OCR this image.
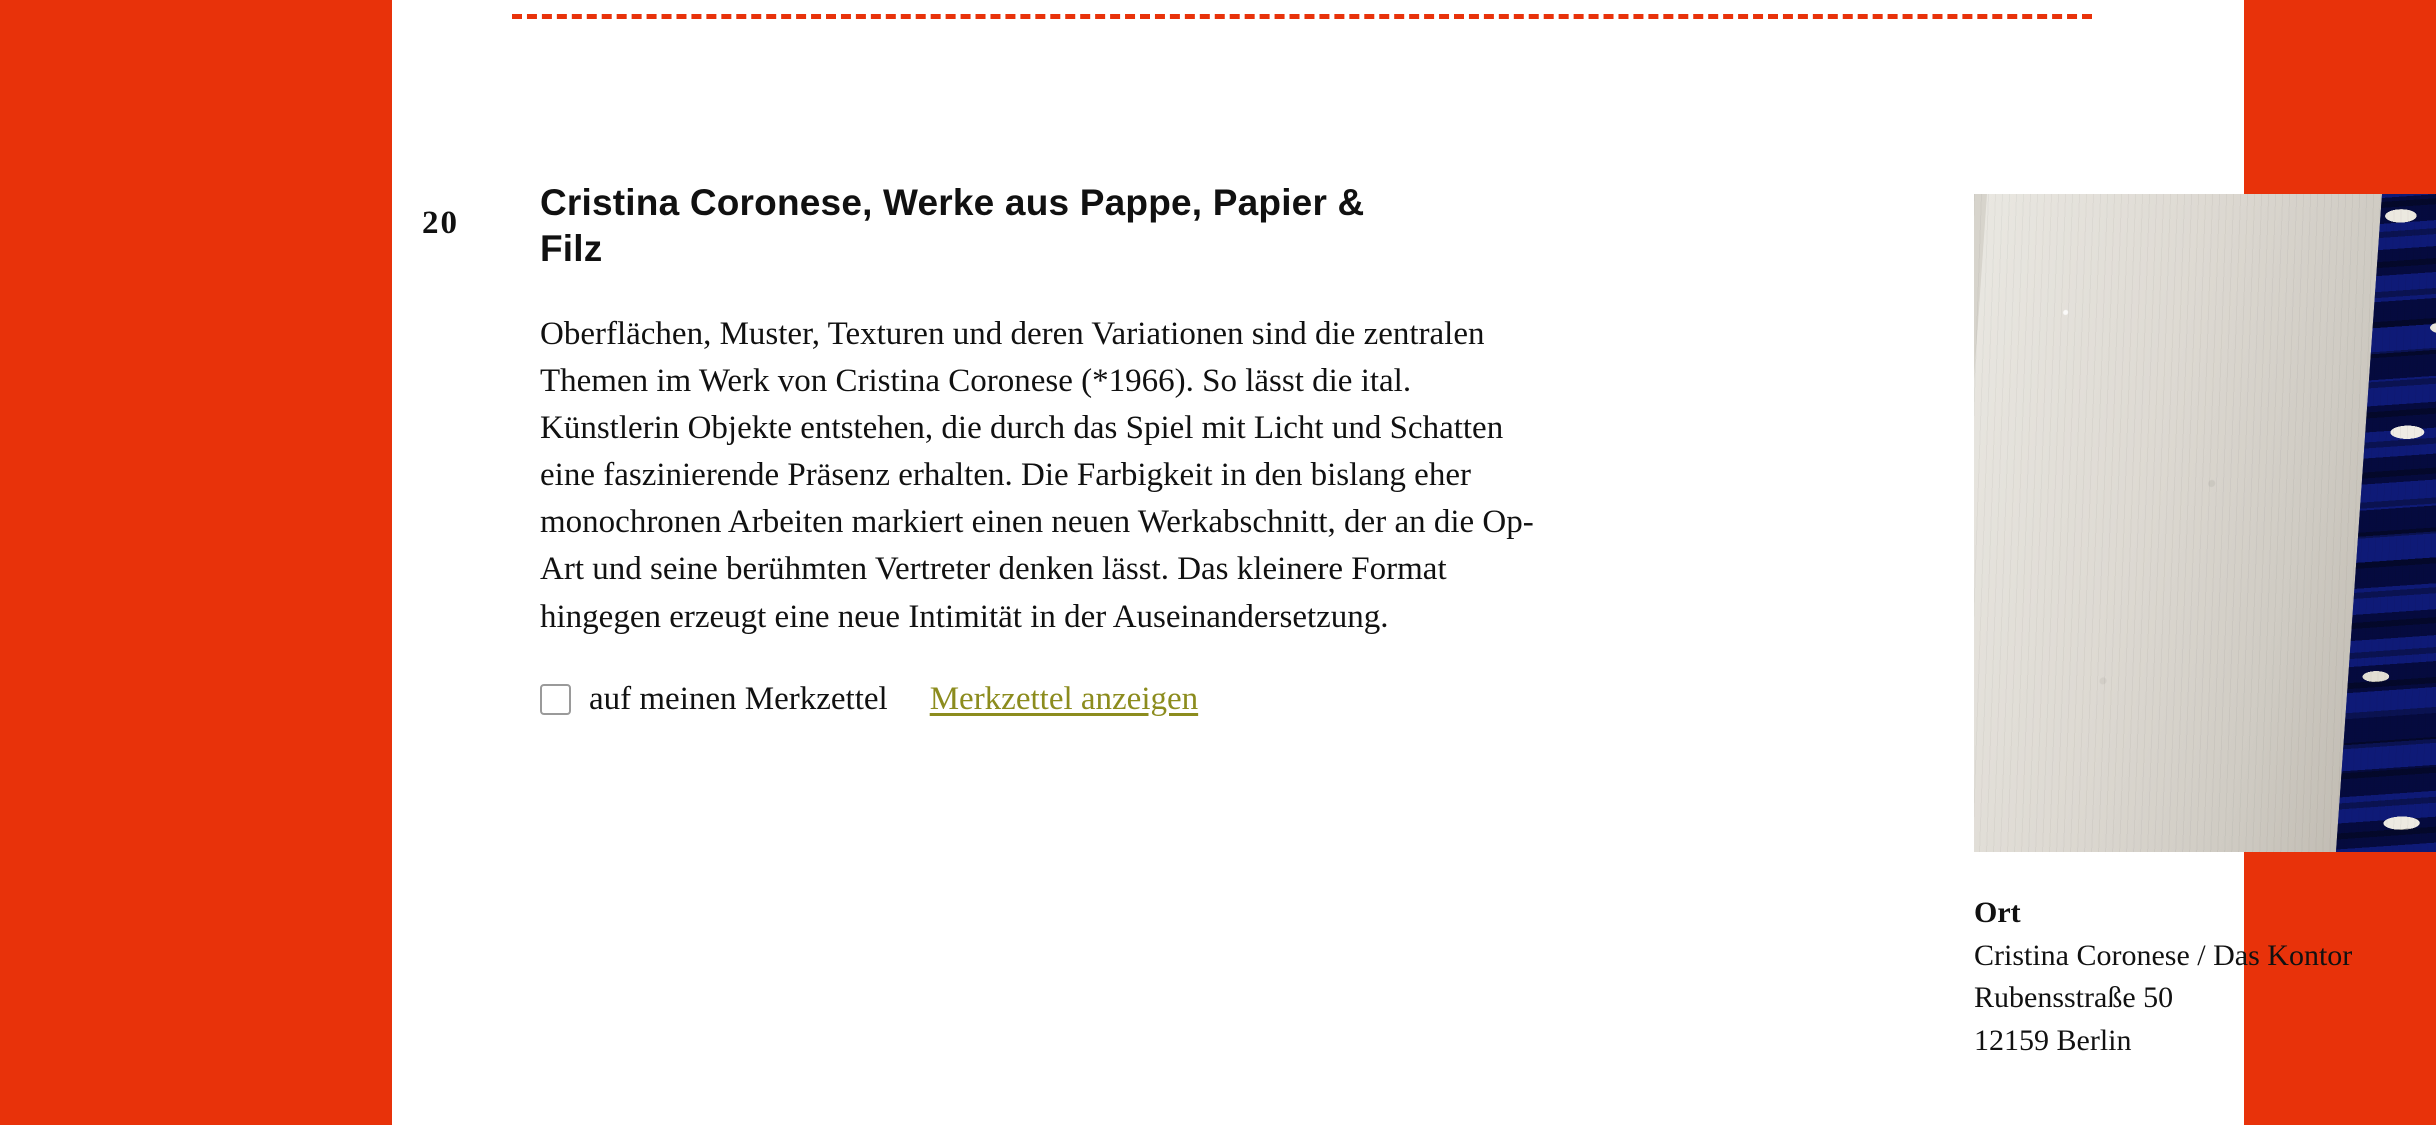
20	Cristina Coronese, Werke aus Pappe, Papier & Filz

Oberflächen, Muster, Texturen und deren Variationen sind die zentralen Themen im Werk von Cristina Coronese (*1966). So lässt die ital. Künstlerin Objekte entstehen, die durch das Spiel mit Licht und Schatten eine faszinierende Präsenz erhalten. Die Farbigkeit in den bislang eher monochronen Arbeiten markiert einen neuen Werkabschnitt, der an die Op-Art und seine berühmten Vertreter denken lässt. Das kleinere Format hingegen erzeugt eine neue Intimität in der Auseinandersetzung.

auf meinen Merkzettel Merkzettel anzeigen
Ort
Cristina Coronese / Das Kontor
Rubensstraße 50
12159 Berlin
